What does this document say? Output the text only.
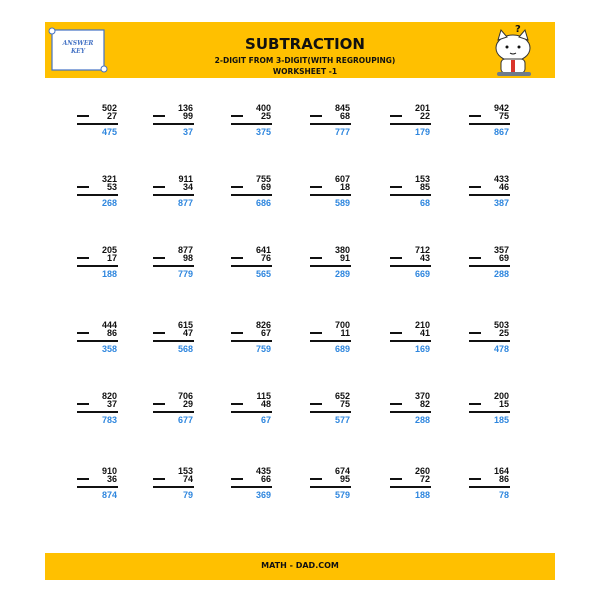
ANSWER
KEY	SUBTRACTION
2-DIGIT FROM 3-DIGIT(WITH REGROUPING)
WORKSHEET -1
?
502
27
475
136
99
37
400
25
375
845
68
777
201
22
179
942
75
867
321
53
268
911
34
877
755
69
686
607
18
589
153
85
68
433
46
387
205
17
188
877
98
779
641
76
565
380
91
289
712
43
669
357
69
288
444
86
358
615
47
568
826
67
759
700
11
689
210
41
169
503
25
478
820
37
783
706
29
677
115
48
67
652
75
577
370
82
288
200
15
185
910
36
874
153
74
79
435
66
369
674
95
579
260
72
188
164
86
78
MATH - DAD.COM
